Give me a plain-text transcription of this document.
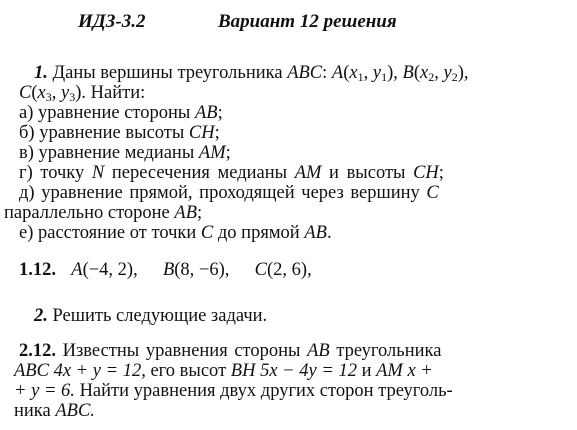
ИДЗ-3.2	Вариант 12 решения
1. Даны вершины треугольника ABC: $A(x_1$, $y_1$), $B(x_2$, $y_2$),
$C(x_3$, $y_3$). Найти:
а) уравнение стороны AB;
б) уравнение высоты CH;
в) уравнение медианы AM;
г) точку N пересечения медианы AM и высоты CH;
д) уравнение прямой, проходящей через вершину C
параллельно стороне AB;
е) расстояние от точки C до прямой AB.
1.12. A(−4, 2), B(8, −6), C(2, 6),
2. Решить следующие задачи.
2.12. Известны уравнения стороны AB треугольника
ABC 4x + y = 12, его высот BH 5x − 4y = 12 и AM x +
+ y = 6. Найти уравнения двух других сторон треуголь-
ника ABC.
